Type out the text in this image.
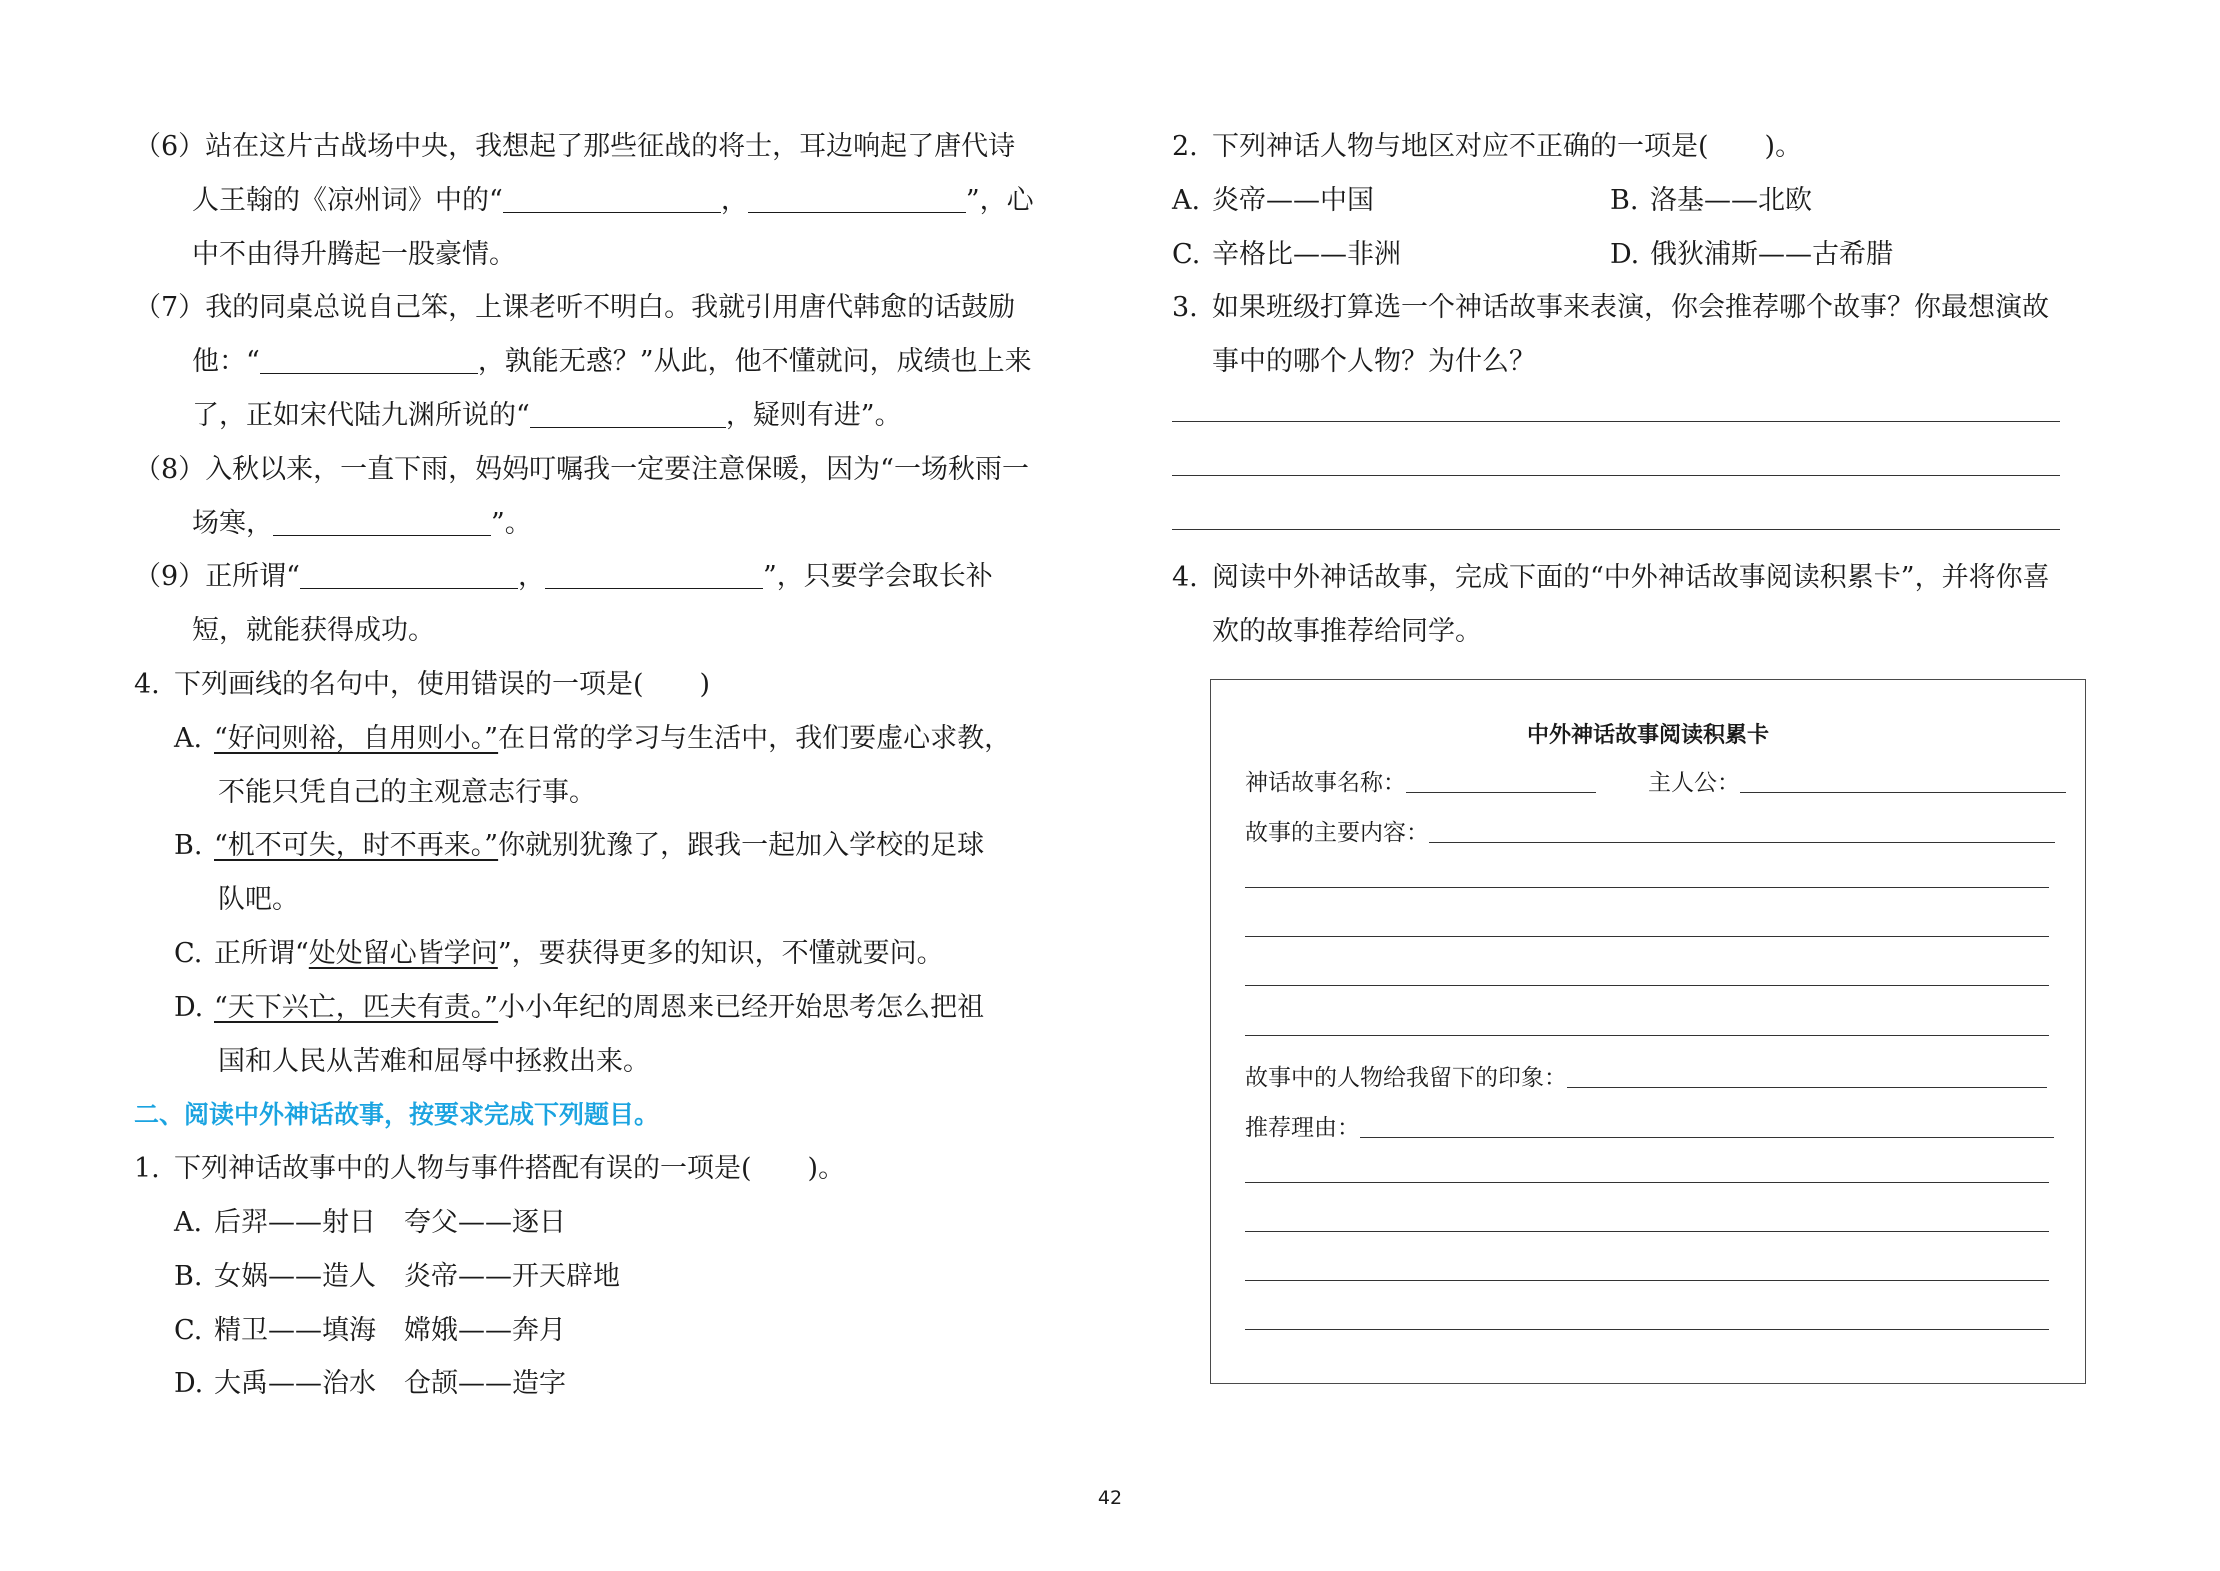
（6）站在这片古战场中央，我想起了那些征战的将士，耳边响起了唐代诗
人王翰的《凉州词》中的“	，	”，心
中不由得升腾起一股豪情。
（7）我的同桌总说自己笨，上课老听不明白。我就引用唐代韩愈的话鼓励
他：“	，孰能无惑？”从此，他不懂就问，成绩也上来
了，正如宋代陆九渊所说的“	，疑则有进”。
（8）入秋以来，一直下雨，妈妈叮嘱我一定要注意保暖，因为“一场秋雨一
场寒，	”。
（9）正所谓“	，	”，只要学会取长补
短，就能获得成功。
4. 下列画线的名句中，使用错误的一项是( )
A. “好问则裕，自用则小。”在日常的学习与生活中，我们要虚心求教，
不能只凭自己的主观意志行事。
B. “机不可失，时不再来。”你就别犹豫了，跟我一起加入学校的足球
队吧。
C. 正所谓“处处留心皆学问”，要获得更多的知识，不懂就要问。
D. “天下兴亡，匹夫有责。”小小年纪的周恩来已经开始思考怎么把祖
国和人民从苦难和屈辱中拯救出来。
二、阅读中外神话故事，按要求完成下列题目。
1. 下列神话故事中的人物与事件搭配有误的一项是( )。
A. 后羿——射日 夸父——逐日
B. 女娲——造人 炎帝——开天辟地
C. 精卫——填海 嫦娥——奔月
D. 大禹——治水 仓颉——造字
2. 下列神话人物与地区对应不正确的一项是( )。
A. 炎帝——中国	B. 洛基——北欧
C. 辛格比——非洲	D. 俄狄浦斯——古希腊
3. 如果班级打算选一个神话故事来表演，你会推荐哪个故事？你最想演故
事中的哪个人物？为什么？
4. 阅读中外神话故事，完成下面的“中外神话故事阅读积累卡”，并将你喜
欢的故事推荐给同学。
中外神话故事阅读积累卡
神话故事名称：	主人公：
故事的主要内容：
故事中的人物给我留下的印象：
推荐理由：
42
